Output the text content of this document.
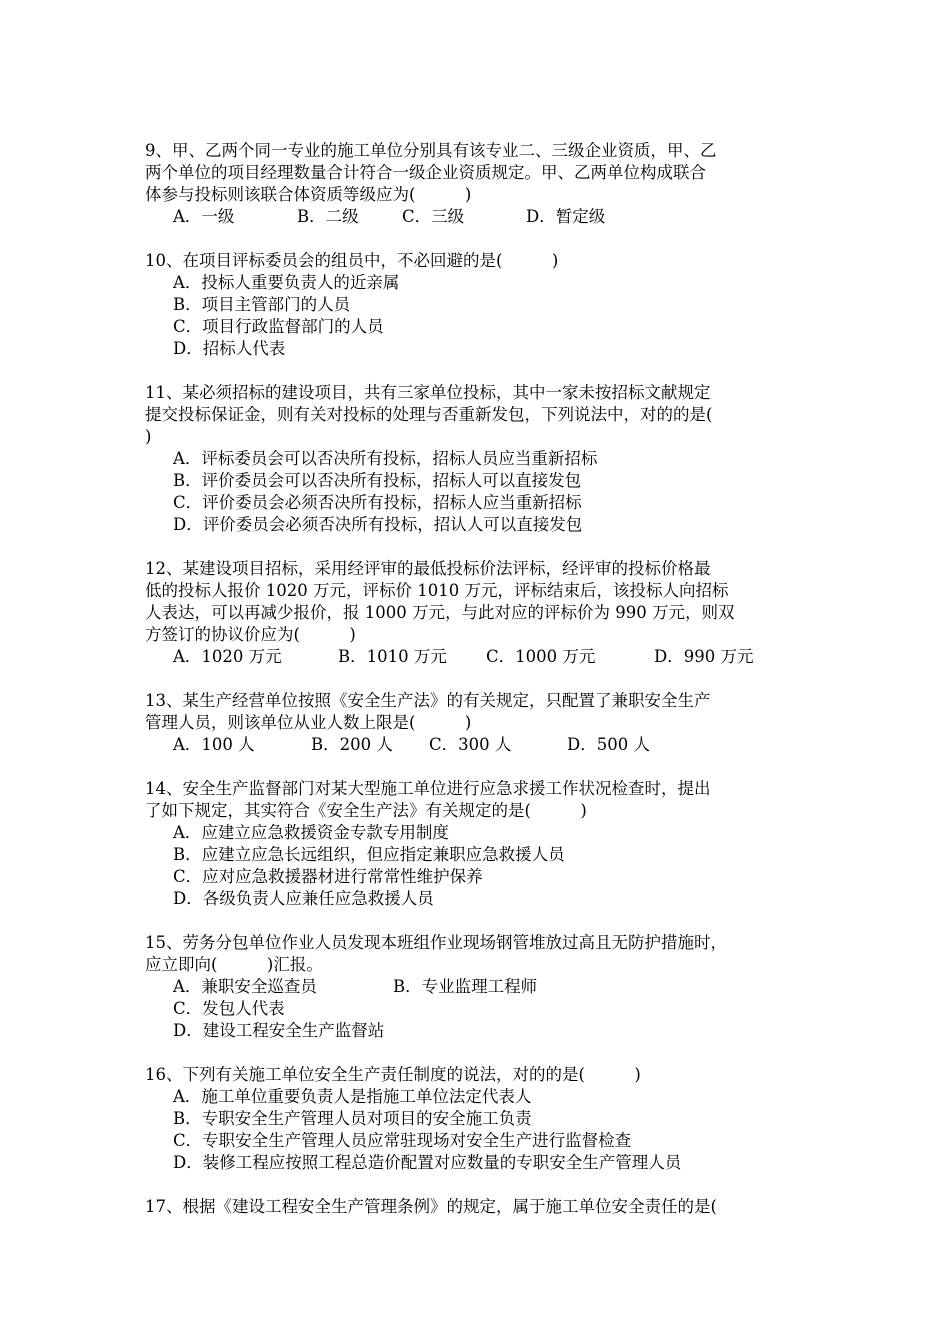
9、甲、乙两个同一专业的施工单位分别具有该专业二、三级企业资质，甲、乙
两个单位的项目经理数量合计符合一级企业资质规定。甲、乙两单位构成联合
体参与投标则该联合体资质等级应为(　　　)
A．一级	B．二级	C．三级	D．暂定级
10、在项目评标委员会的组员中，不必回避的是(　　　)
A．投标人重要负责人的近亲属
B．项目主管部门的人员
C．项目行政监督部门的人员
D．招标人代表
11、某必须招标的建设项目，共有三家单位投标，其中一家未按招标文献规定
提交投标保证金，则有关对投标的处理与否重新发包，下列说法中，对的的是(
)
A．评标委员会可以否决所有投标，招标人员应当重新招标
B．评价委员会可以否决所有投标，招标人可以直接发包
C．评价委员会必须否决所有投标，招标人应当重新招标
D．评价委员会必须否决所有投标，招认人可以直接发包
12、某建设项目招标，采用经评审的最低投标价法评标，经评审的投标价格最
低的投标人报价 1020 万元，评标价 1010 万元，评标结束后，该投标人向招标
人表达，可以再减少报价，报 1000 万元，与此对应的评标价为 990 万元，则双
方签订的协议价应为(　　　)
A．1020 万元	B．1010 万元	C．1000 万元	D．990 万元
13、某生产经营单位按照《安全生产法》的有关规定，只配置了兼职安全生产
管理人员，则该单位从业人数上限是(　　　)
A．100 人	B．200 人	C．300 人	D．500 人
14、安全生产监督部门对某大型施工单位进行应急求援工作状况检查时，提出
了如下规定，其实符合《安全生产法》有关规定的是(　　　)
A．应建立应急救援资金专款专用制度
B．应建立应急长远组织，但应指定兼职应急救援人员
C．应对应急救援器材进行常常性维护保养
D．各级负责人应兼任应急救援人员
15、劳务分包单位作业人员发现本班组作业现场钢管堆放过高且无防护措施时，
应立即向(　　　)汇报。
A．兼职安全巡查员	B．专业监理工程师
C．发包人代表
D．建设工程安全生产监督站
16、下列有关施工单位安全生产责任制度的说法，对的的是(　　　)
A．施工单位重要负责人是指施工单位法定代表人
B．专职安全生产管理人员对项目的安全施工负责
C．专职安全生产管理人员应常驻现场对安全生产进行监督检查
D．装修工程应按照工程总造价配置对应数量的专职安全生产管理人员
17、根据《建设工程安全生产管理条例》的规定，属于施工单位安全责任的是(
